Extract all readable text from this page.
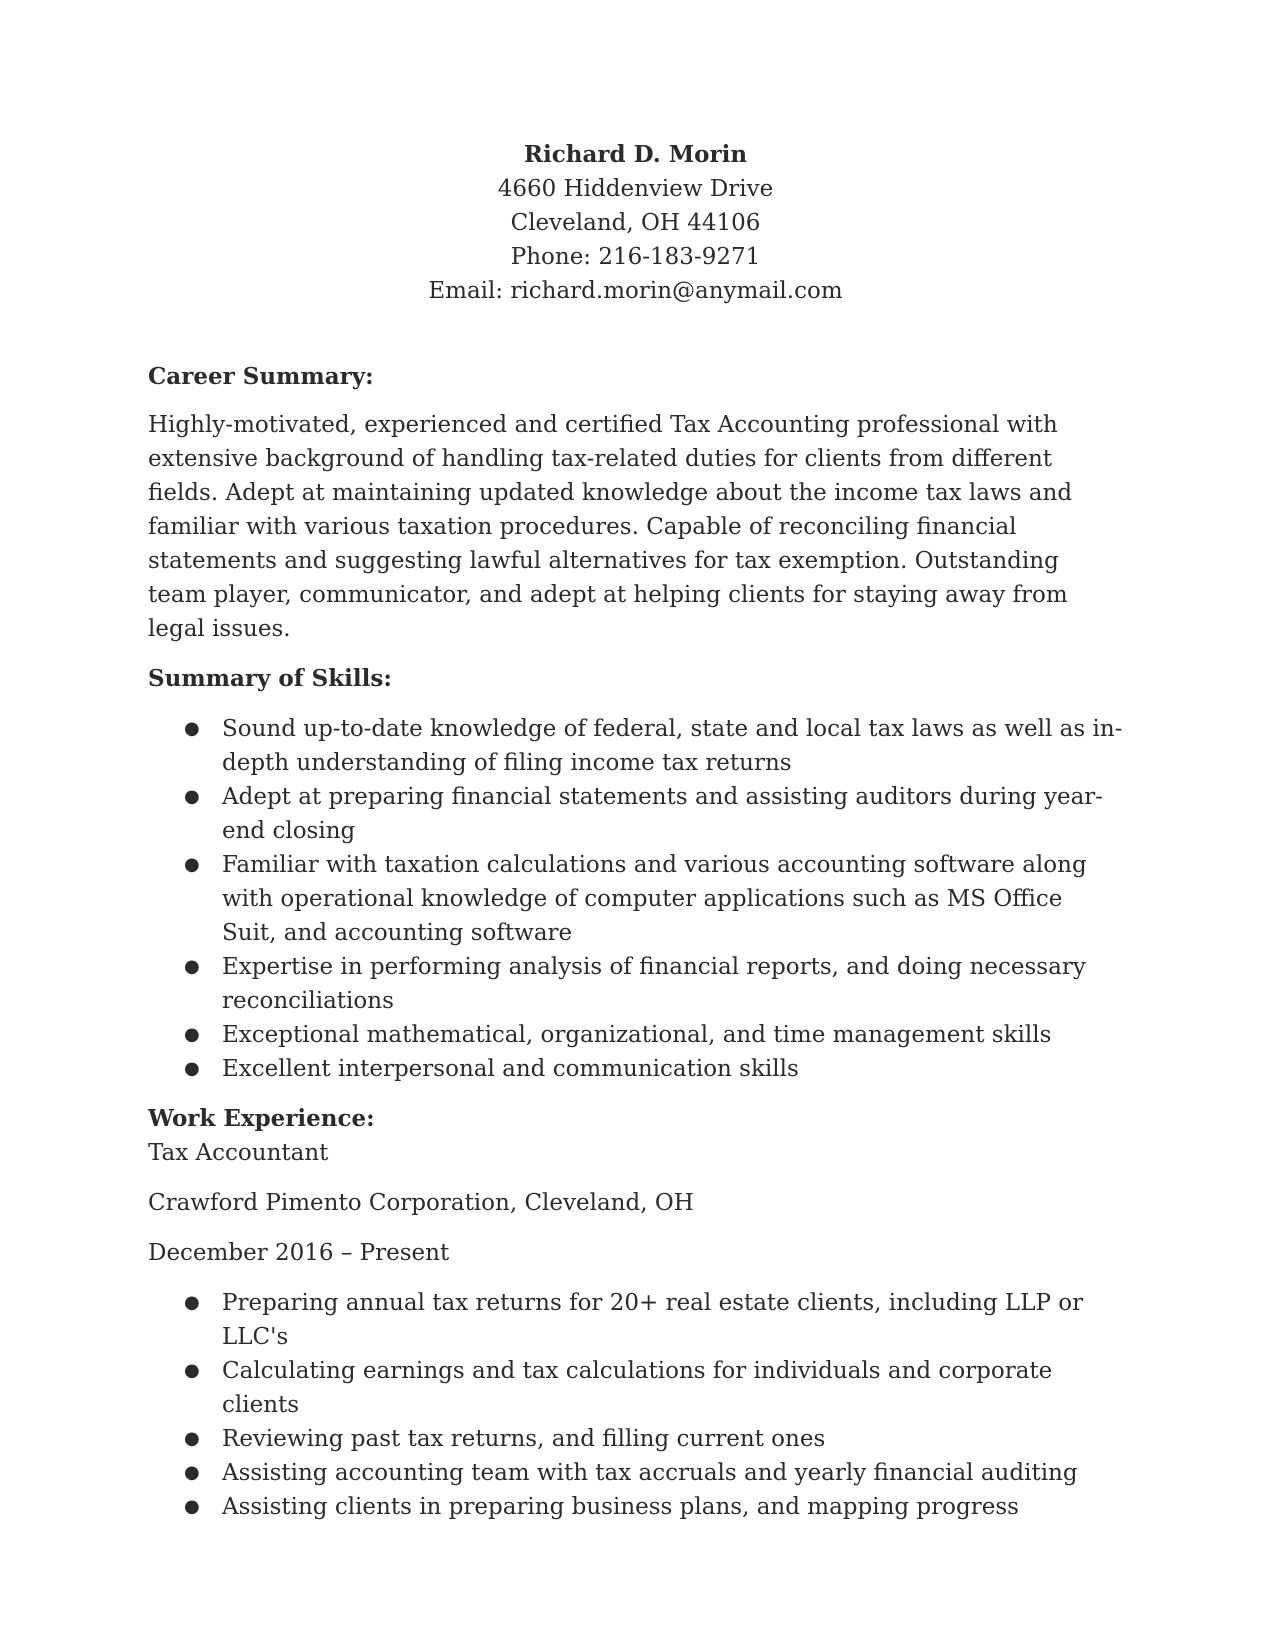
Richard D. Morin
4660 Hiddenview Drive
Cleveland, OH 44106
Phone: 216-183-9271
Email: richard.morin@anymail.com
Career Summary:

Highly-motivated, experienced and certified Tax Accounting professional with extensive background of handling tax-related duties for clients from different fields. Adept at maintaining updated knowledge about the income tax laws and familiar with various taxation procedures. Capable of reconciling financial statements and suggesting lawful alternatives for tax exemption. Outstanding team player, communicator, and adept at helping clients for staying away from legal issues.

Summary of Skills:
● Sound up-to-date knowledge of federal, state and local tax laws as well as in-depth understanding of filing income tax returns
● Adept at preparing financial statements and assisting auditors during year-end closing
● Familiar with taxation calculations and various accounting software along with operational knowledge of computer applications such as MS Office Suit, and accounting software
● Expertise in performing analysis of financial reports, and doing necessary reconciliations
● Exceptional mathematical, organizational, and time management skills
● Excellent interpersonal and communication skills
Work Experience:

Tax Accountant

Crawford Pimento Corporation, Cleveland, OH

December 2016 – Present

● Preparing annual tax returns for 20+ real estate clients, including LLP or LLC's
● Calculating earnings and tax calculations for individuals and corporate clients
● Reviewing past tax returns, and filling current ones
● Assisting accounting team with tax accruals and yearly financial auditing
● Assisting clients in preparing business plans, and mapping progress
